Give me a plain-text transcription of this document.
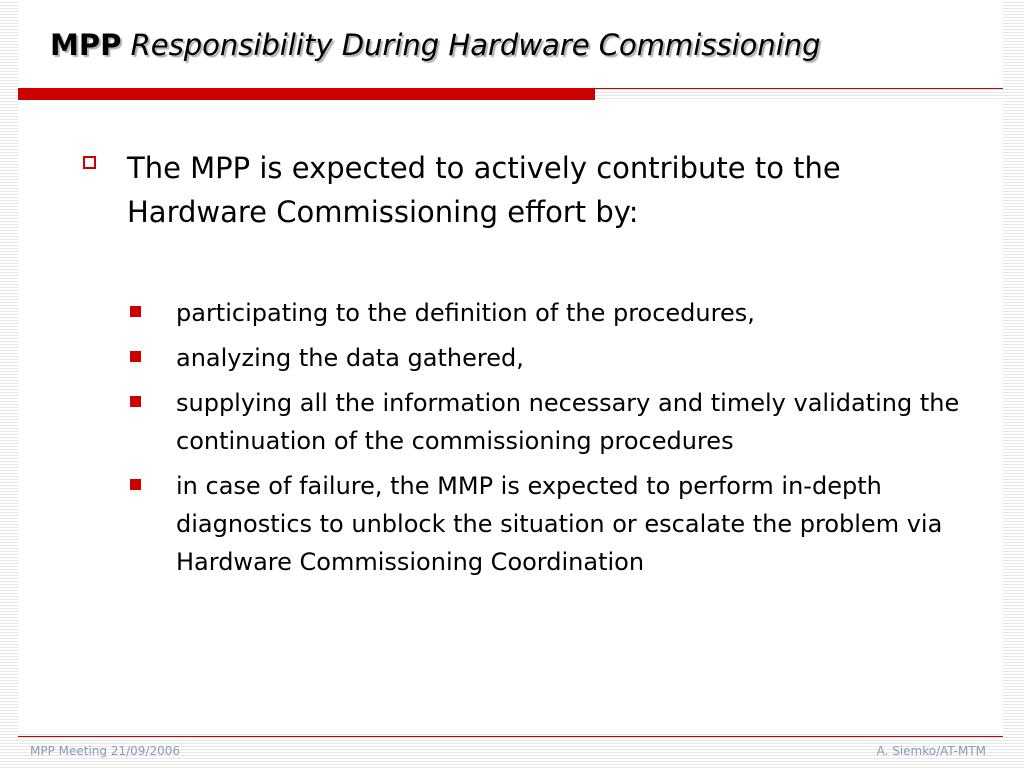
MPP Responsibility During Hardware Commissioning
The MPP is expected to actively contribute to the Hardware Commissioning effort by:
participating to the definition of the procedures,
analyzing the data gathered,
supplying all the information necessary and timely validating the continuation of the commissioning procedures
in case of failure, the MMP is expected to perform in-depth diagnostics to unblock the situation or escalate the problem via Hardware Commissioning Coordination
MPP Meeting 21/09/2006	A. Siemko/AT-MTM
